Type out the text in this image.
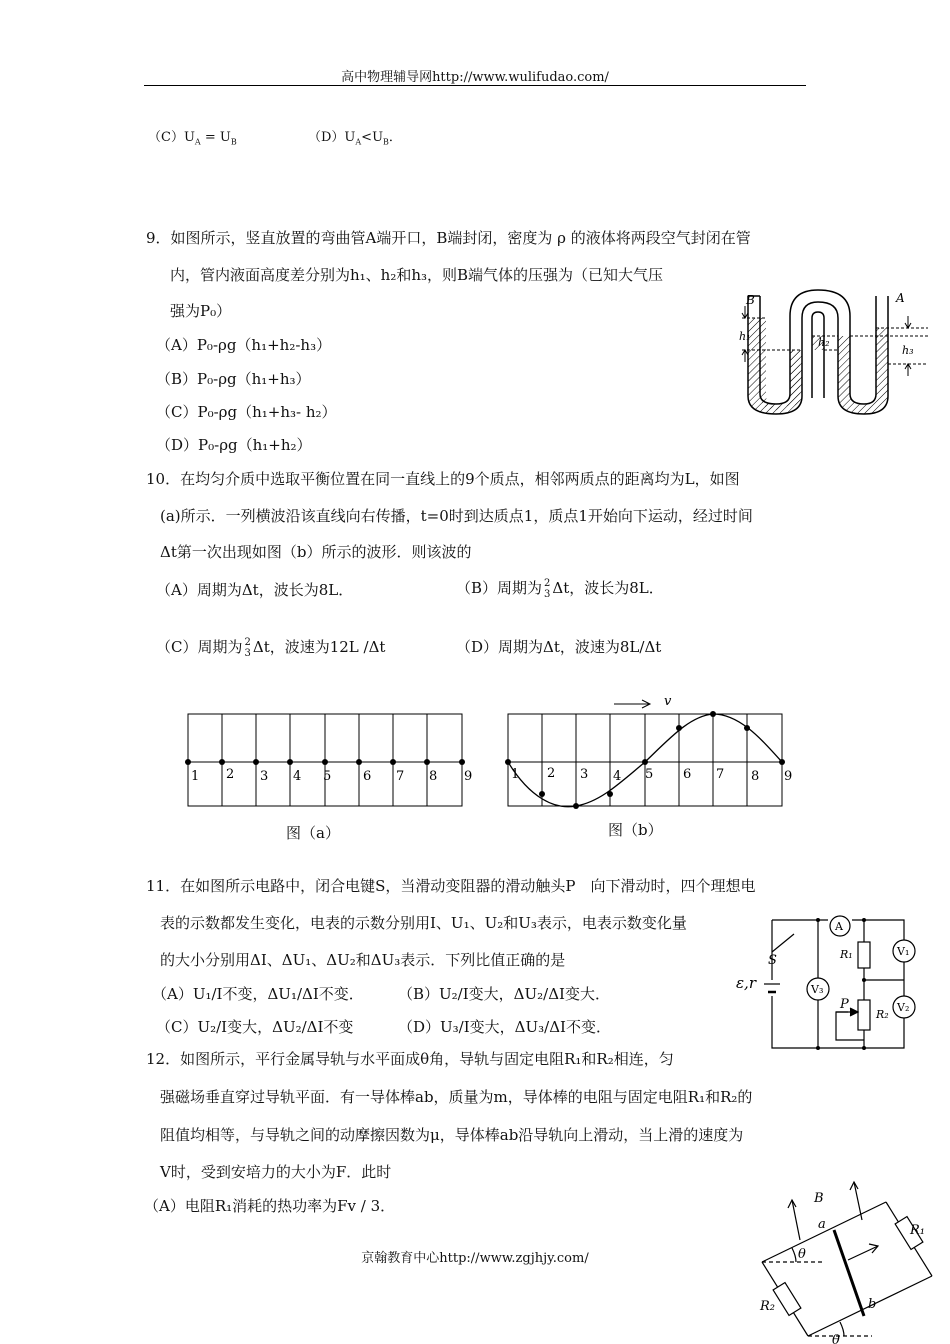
高中物理辅导网http://www.wulifudao.com/
$(C)U_A = U_B$	$(D)U_A<U_B$．
9．如图所示，竖直放置的弯曲管A端开口，B端封闭，密度为 ρ 的液体将两段空气封闭在管
内，管内液面高度差分别为h₁、h₂和h₃，则B端气体的压强为（已知大气压
强为P₀）
（A）P₀-ρg（h₁+h₂-h₃）
（B）P₀-ρg（h₁+h₃）
（C）P₀-ρg（h₁+h₃- h₂）
（D）P₀-ρg（h₁+h₂）
B	A
h₁	h₂
h₃
10．在均匀介质中选取平衡位置在同一直线上的9个质点，相邻两质点的距离均为L，如图
(a)所示．一列横波沿该直线向右传播，t=0时到达质点1，质点1开始向下运动，经过时间
Δt第一次出现如图（b）所示的波形．则该波的
（A）周期为Δt，波长为8L．	（B）周期为 2
3 Δt，波长为8L．
（C）周期为 2
3 Δt，波速为12L /Δt	（D）周期为Δt，波速为8L/Δt
1 2 3 4 5 6 7 8 9
图（a）
v
1 2 3 4 5 6 7 8 9
图（b）
11．在如图所示电路中，闭合电键S，当滑动变阻器的滑动触头P　向下滑动时，四个理想电
表的示数都发生变化，电表的示数分别用I、U₁、U₂和U₃表示，电表示数变化量
的大小分别用ΔI、ΔU₁、ΔU₂和ΔU₃表示．下列比值正确的是
（A）U₁/I不变，ΔU₁/ΔI不变． （B）U₂/I变大，ΔU₂/ΔI变大．
（C）U₂/I变大，ΔU₂/ΔI不变	（D）U₃/I变大，ΔU₃/ΔI不变．
A
V₁
V₃
V₂
R₁
R₂
S
ε,r
P
12．如图所示，平行金属导轨与水平面成θ角，导轨与固定电阻R₁和R₂相连，匀
强磁场垂直穿过导轨平面．有一导体棒ab，质量为m，导体棒的电阻与固定电阻R₁和R₂的
阻值均相等，与导轨之间的动摩擦因数为μ，导体棒ab沿导轨向上滑动，当上滑的速度为
V时，受到安培力的大小为F．此时
（A）电阻R₁消耗的热功率为Fv / 3．	B
a
b
θ
θ
R₁
R₂
京翰教育中心http://www.zgjhjy.com/
